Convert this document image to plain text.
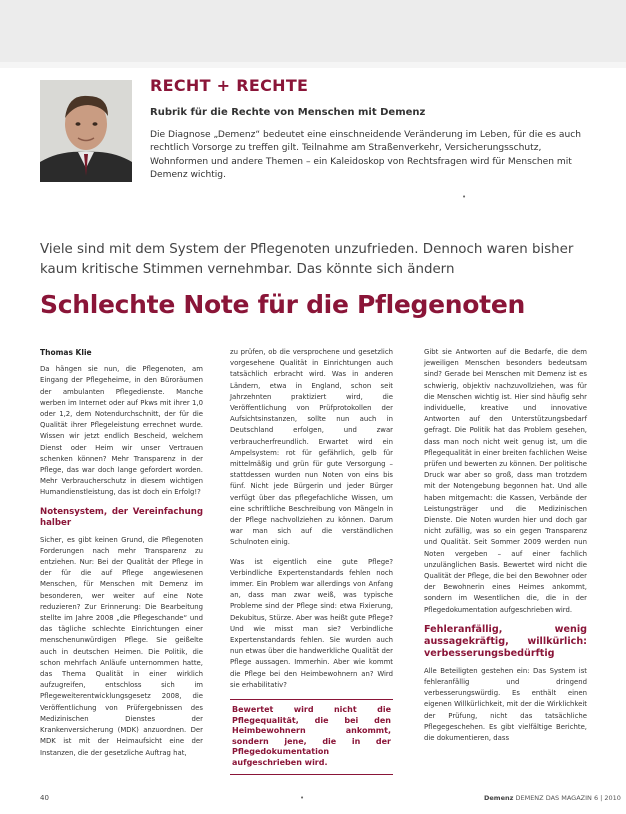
RECHT + RECHTE
Rubrik für die Rechte von Menschen mit Demenz
Die Diagnose „Demenz“ bedeutet eine einschneidende Veränderung im Leben, für die es auch rechtlich Vorsorge zu treffen gilt. Teilnahme am Straßenverkehr, Versicherungsschutz, Wohnformen und andere Themen – ein Kaleidoskop von Rechtsfragen wird für Menschen mit Demenz wichtig.
•
Viele sind mit dem System der Pflegenoten unzufrieden. Dennoch waren bisher kaum kritische Stimmen vernehmbar. Das könnte sich ändern
Schlechte Note für die Pflegenoten
Thomas Klie

Da hängen sie nun, die Pflegenoten, am Eingang der Pflegeheime, in den Büroräumen der ambulanten Pflegedienste. Manche werben im Internet oder auf Pkws mit ihrer 1,0 oder 1,2, dem Notendurchschnitt, der für die Qualität ihrer Pflegeleistung errechnet wurde. Wissen wir jetzt endlich Bescheid, welchem Dienst oder Heim wir unser Vertrauen schenken können? Mehr Transparenz in der Pflege, das war doch lange gefordert worden. Mehr Verbraucherschutz in diesem wichtigen Humandienstleistung, das ist doch ein Erfolg!?

Notensystem, der Vereinfachung halber

Sicher, es gibt keinen Grund, die Pflegenoten Forderungen nach mehr Transparenz zu entziehen. Nur: Bei der Qualität der Pflege in der für die auf Pflege angewiesenen Menschen, für Menschen mit Demenz im besonderen, wer weiter auf eine Note reduzieren? Zur Erinnerung: Die Bearbeitung stellte im Jahre 2008 „die Pflegeschande“ und das tägliche schlechte Einrichtungen einer menschenunwürdigen Pflege. Sie geißelte auch in deutschen Heimen. Die Politik, die schon mehrfach Anläufe unternommen hatte, das Thema Qualität in einer wirklich aufzugreifen, entschloss sich im Pflegeweiterentwicklungsgesetz 2008, die Veröffentlichung von Prüfergebnissen des Medizinischen Dienstes der Krankenversicherung (MDK) anzuordnen. Der MDK ist mit der Heimaufsicht eine der Instanzen, die der gesetzliche Auftrag hat,

zu prüfen, ob die versprochene und gesetzlich vorgesehene Qualität in Einrichtungen auch tatsächlich erbracht wird. Was in anderen Ländern, etwa in England, schon seit Jahrzehnten praktiziert wird, die Veröffentlichung von Prüfprotokollen der Aufsichtsinstanzen, sollte nun auch in Deutschland erfolgen, und zwar verbraucherfreundlich. Erwartet wird ein Ampelsystem: rot für gefährlich, gelb für mittelmäßig und grün für gute Versorgung – stattdessen wurden nun Noten von eins bis fünf. Nicht jede Bürgerin und jeder Bürger verfügt über das pflegefachliche Wissen, um eine schriftliche Beschreibung von Mängeln in der Pflege nachvollziehen zu können. Darum war man sich auf die verständlichen Schulnoten einig.

Was ist eigentlich eine gute Pflege? Verbindliche Expertenstandards fehlen noch immer. Ein Problem war allerdings von Anfang an, dass man zwar weiß, was typische Probleme sind der Pflege sind: etwa Fixierung, Dekubitus, Stürze. Aber was heißt gute Pflege? Und wie misst man sie? Verbindliche Expertenstandards fehlen. Sie wurden auch nun etwas über die handwerkliche Qualität der Pflege aussagen. Immerhin. Aber wie kommt die Pflege bei den Heimbewohnern an? Wird sie erhabilitativ?

Bewertet wird nicht die Pflegequalität, die bei den Heimbewohnern ankommt, sondern jene, die in der Pflegedokumentation aufgeschrieben wird.

Gibt sie Antworten auf die Bedarfe, die dem jeweiligen Menschen besonders bedeutsam sind? Gerade bei Menschen mit Demenz ist es schwierig, objektiv nachzuvollziehen, was für die Menschen wichtig ist. Hier sind häufig sehr individuelle, kreative und innovative Antworten auf den Unterstützungsbedarf gefragt. Die Politik hat das Problem gesehen, dass man noch nicht weit genug ist, um die Pflegequalität in einer breiten fachlichen Weise prüfen und bewerten zu können. Der politische Druck war aber so groß, dass man trotzdem mit der Notengebung begonnen hat. Und alle haben mitgemacht: die Kassen, Verbände der Leistungsträger und die Medizinischen Dienste. Die Noten wurden hier und doch gar nicht zufällig, was so ein gegen Transparenz und Qualität. Seit Sommer 2009 werden nun Noten vergeben – auf einer fachlich unzulänglichen Basis. Bewertet wird nicht die Qualität der Pflege, die bei den Bewohner oder der Bewohnerin eines Heimes ankommt, sondern im Wesentlichen die, die in der Pflegedokumentation aufgeschrieben wird.

Fehleranfällig, wenig aussagekräftig, willkürlich: verbesserungsbedürftig

Alle Beteiligten gestehen ein: Das System ist fehleranfällig und dringend verbesserungswürdig. Es enthält einen eigenen Willkürlichkeit, mit der die Wirklichkeit der Prüfung, nicht das tatsächliche Pflegegeschehen. Es gibt vielfältige Berichte, die dokumentieren, dass

40	•	Demenz DEMENZ DAS MAGAZIN 6 | 2010
